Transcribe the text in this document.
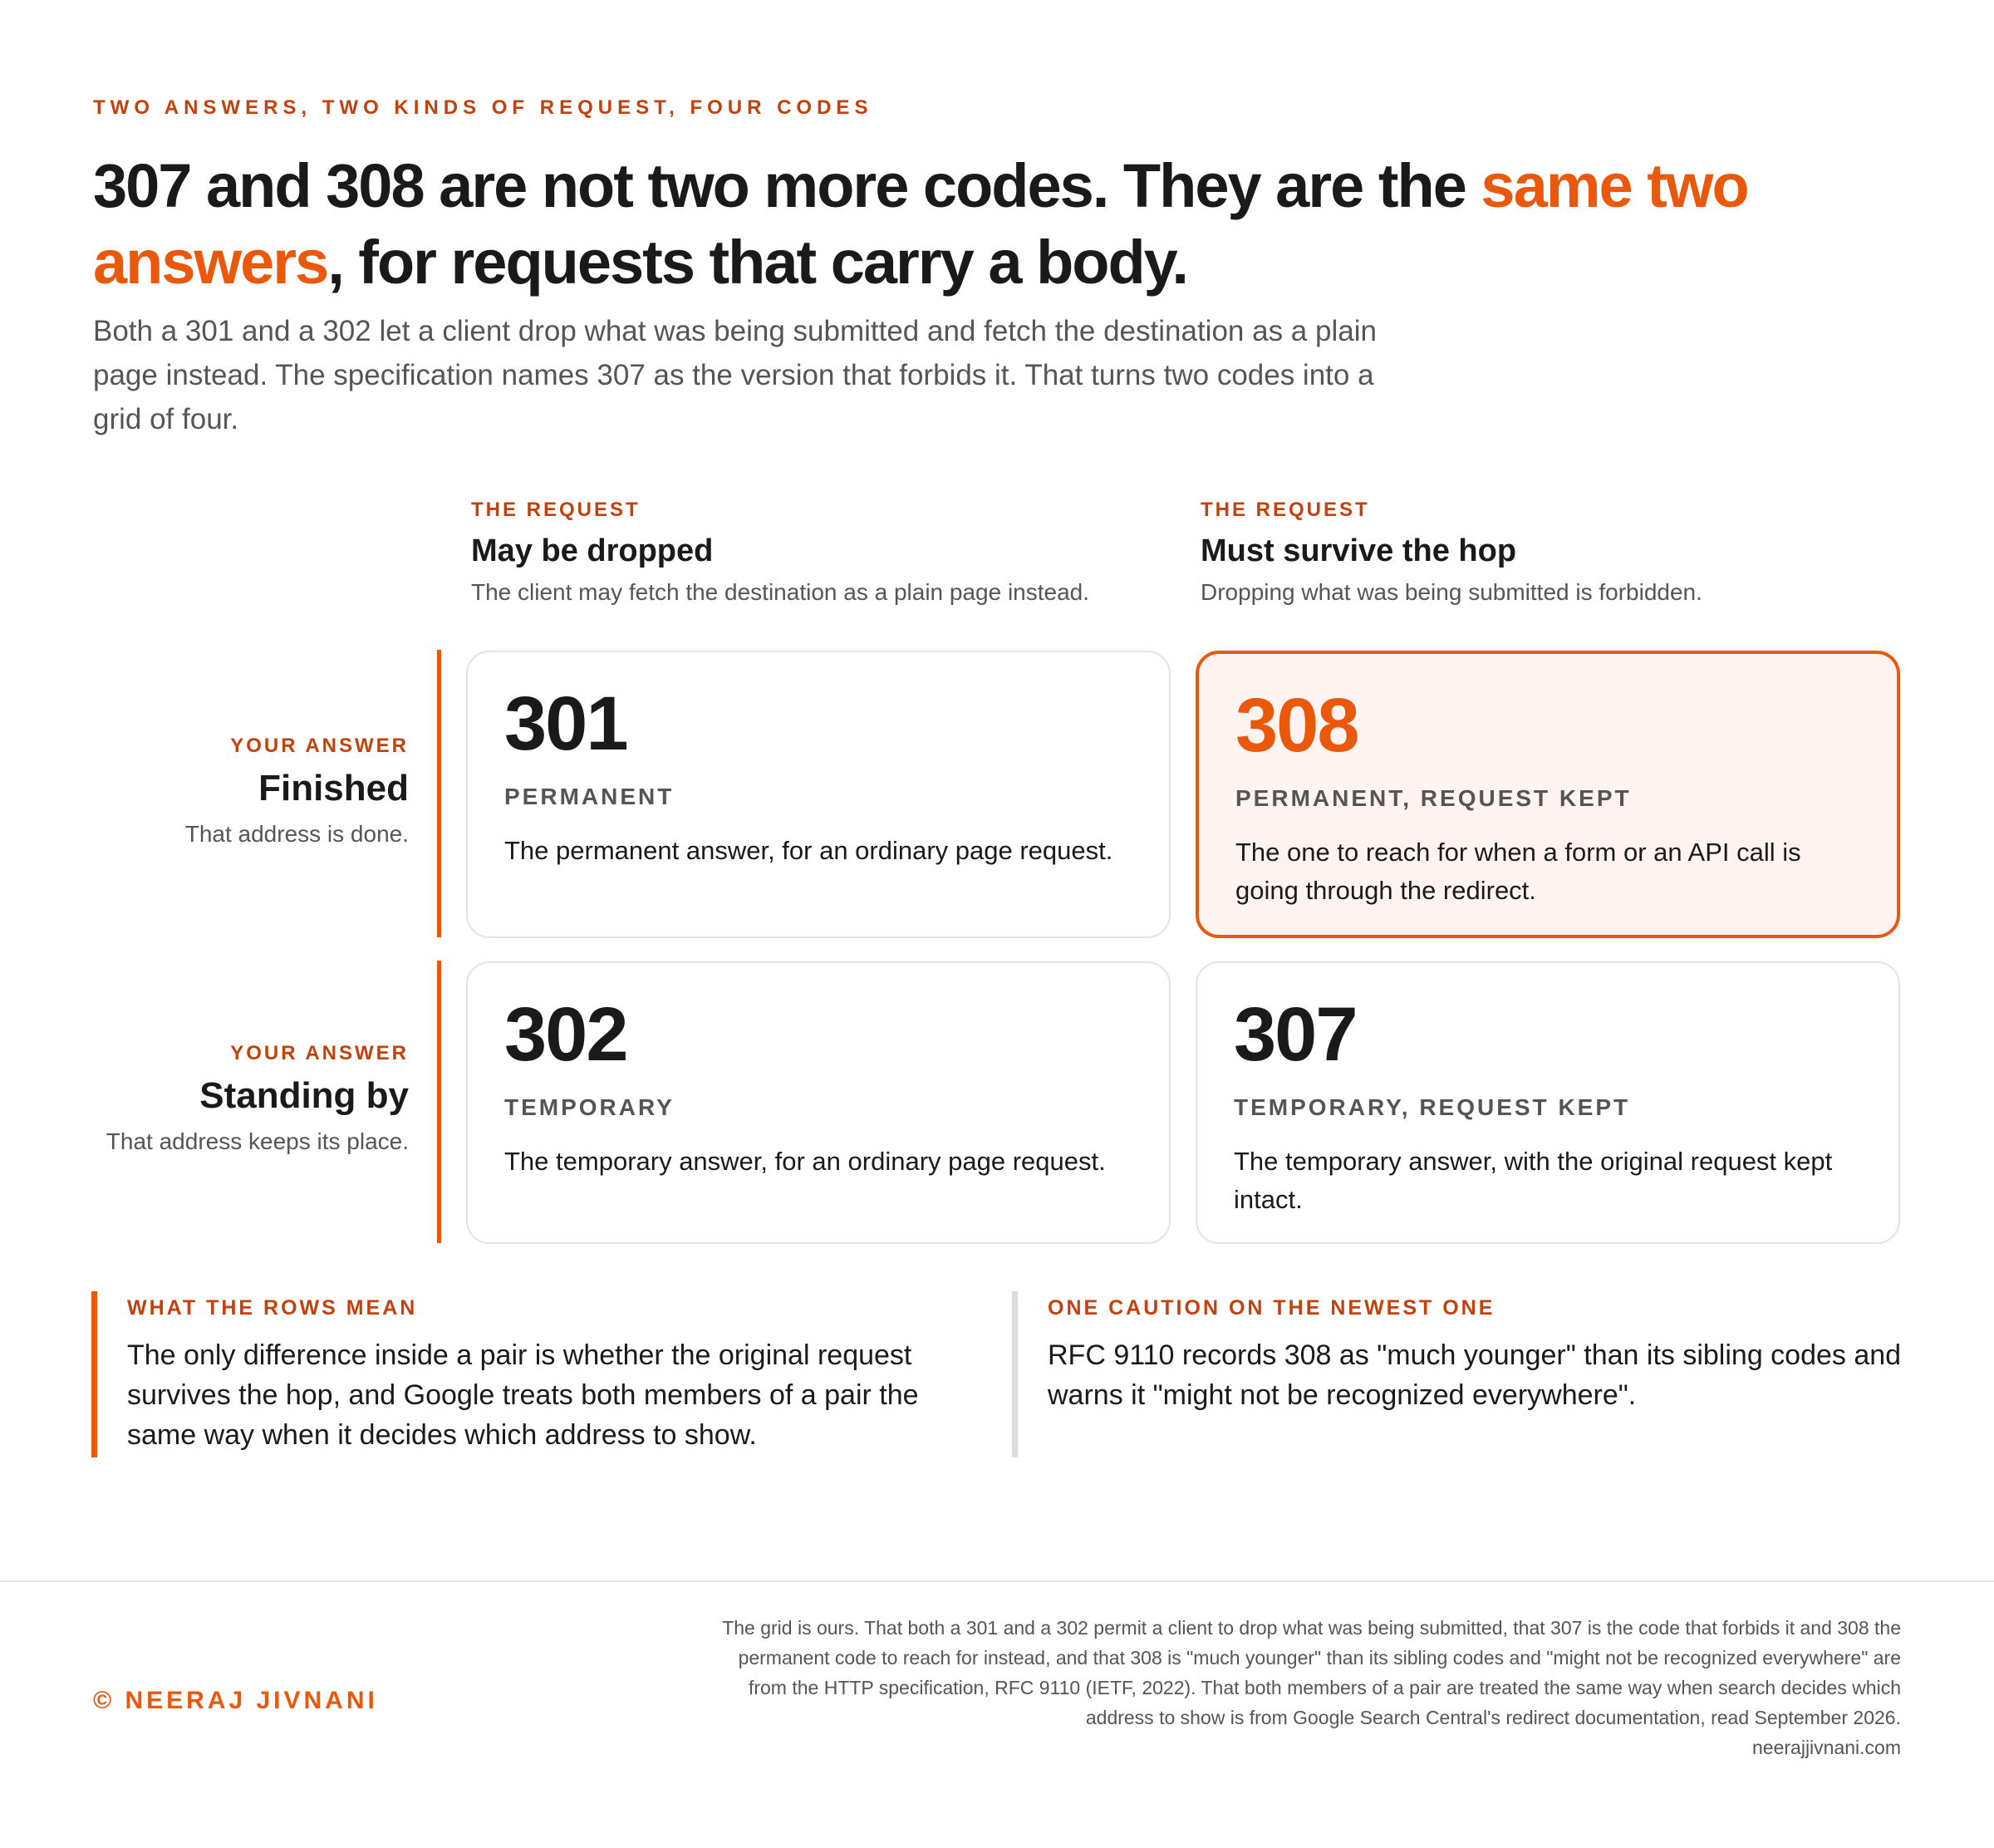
TWO ANSWERS, TWO KINDS OF REQUEST, FOUR CODES
307 and 308 are not two more codes. They are the same two answers, for requests that carry a body.

Both a 301 and a 302 let a client drop what was being submitted and fetch the destination as a plain page instead. The specification names 307 as the version that forbids it. That turns two codes into a grid of four.

THE REQUEST
May be dropped
The client may fetch the destination as a plain page instead.
THE REQUEST
Must survive the hop
Dropping what was being submitted is forbidden.
YOUR ANSWER
Finished
That address is done.
YOUR ANSWER
Standing by
That address keeps its place.
301
PERMANENT
The permanent answer, for an ordinary page request.
308
PERMANENT, REQUEST KEPT
The one to reach for when a form or an API call is going through the redirect.
302
TEMPORARY
The temporary answer, for an ordinary page request.
307
TEMPORARY, REQUEST KEPT
The temporary answer, with the original request kept intact.
WHAT THE ROWS MEAN
The only difference inside a pair is whether the original request survives the hop, and Google treats both members of a pair the same way when it decides which address to show.
ONE CAUTION ON THE NEWEST ONE
RFC 9110 records 308 as "much younger" than its sibling codes and warns it "might not be recognized everywhere".
© NEERAJ JIVNANI
The grid is ours. That both a 301 and a 302 permit a client to drop what was being submitted, that 307 is the code that forbids it and 308 the permanent code to reach for instead, and that 308 is "much younger" than its sibling codes and "might not be recognized everywhere" are from the HTTP specification, RFC 9110 (IETF, 2022). That both members of a pair are treated the same way when search decides which address to show is from Google Search Central's redirect documentation, read September 2026.
neerajjivnani.com
